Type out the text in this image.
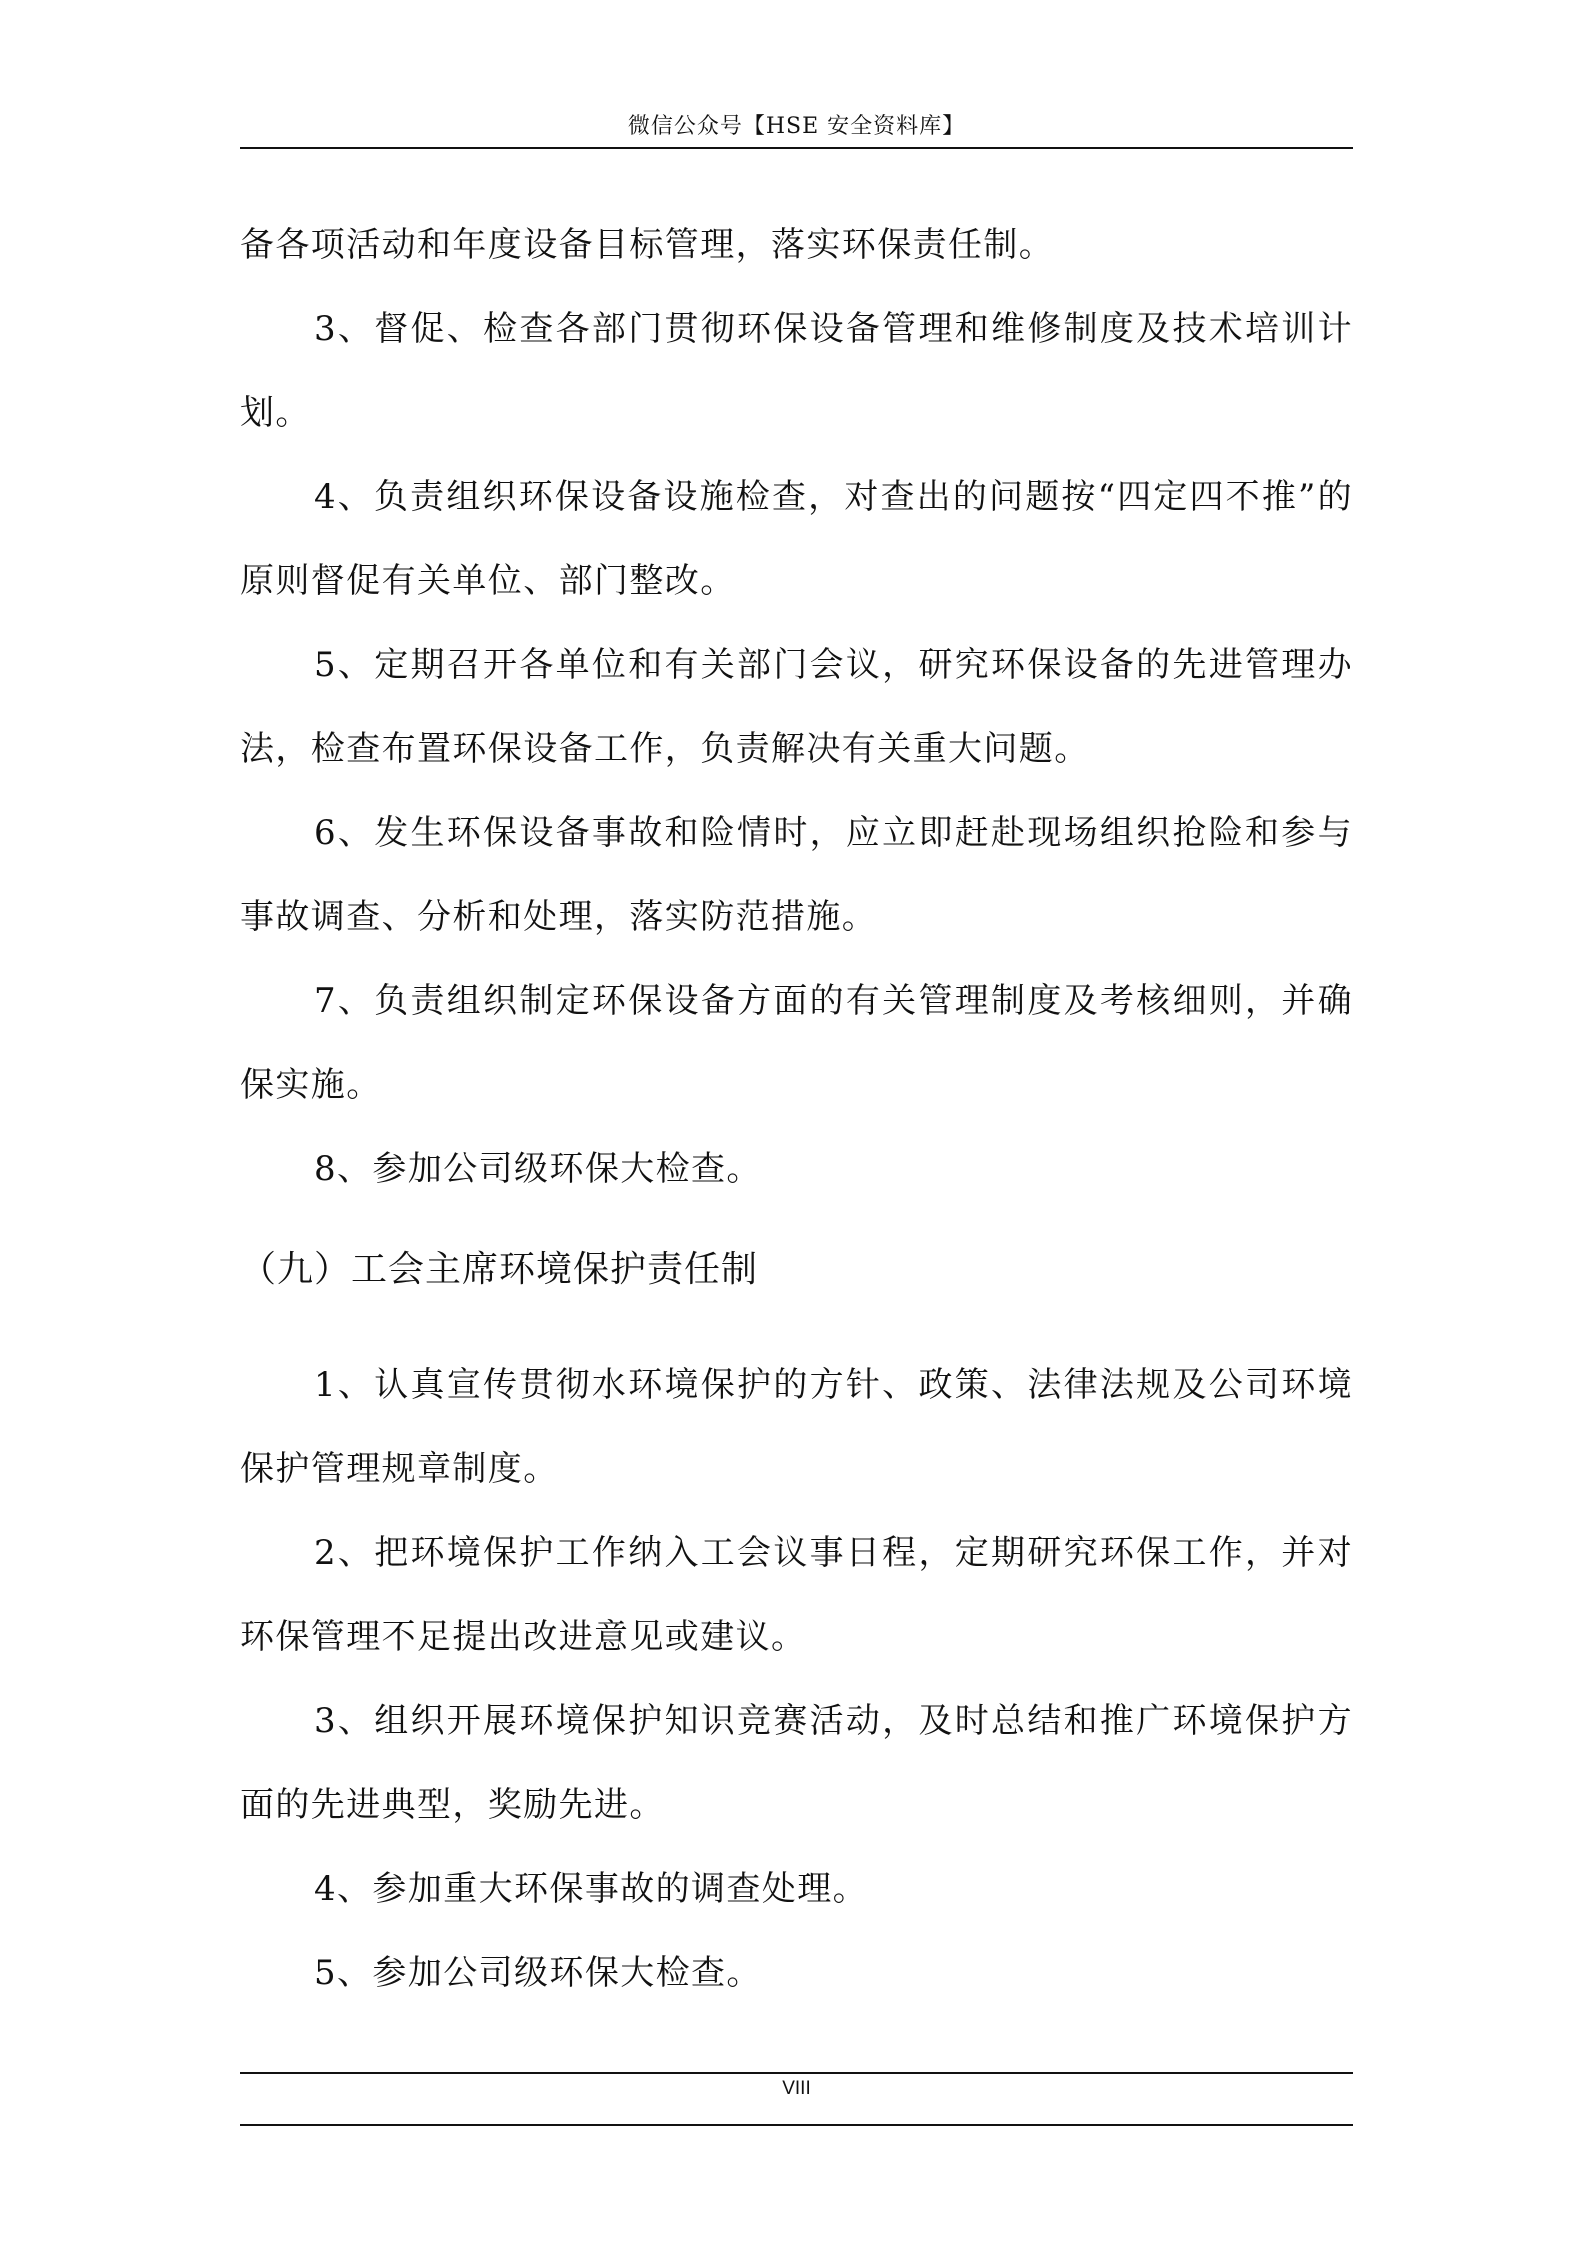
微信公众号【HSE 安全资料库】

备各项活动和年度设备目标管理，落实环保责任制。

3、督促、检查各部门贯彻环保设备管理和维修制度及技术培训计划。

4、负责组织环保设备设施检查，对查出的问题按“四定四不推”的原则督促有关单位、部门整改。

5、定期召开各单位和有关部门会议，研究环保设备的先进管理办法，检查布置环保设备工作，负责解决有关重大问题。

6、发生环保设备事故和险情时，应立即赶赴现场组织抢险和参与事故调查、分析和处理，落实防范措施。

7、负责组织制定环保设备方面的有关管理制度及考核细则，并确保实施。

8、参加公司级环保大检查。

（九）工会主席环境保护责任制

1、认真宣传贯彻水环境保护的方针、政策、法律法规及公司环境保护管理规章制度。

2、把环境保护工作纳入工会议事日程，定期研究环保工作，并对环保管理不足提出改进意见或建议。

3、组织开展环境保护知识竞赛活动，及时总结和推广环境保护方面的先进典型，奖励先进。

4、参加重大环保事故的调查处理。

5、参加公司级环保大检查。

VIII
